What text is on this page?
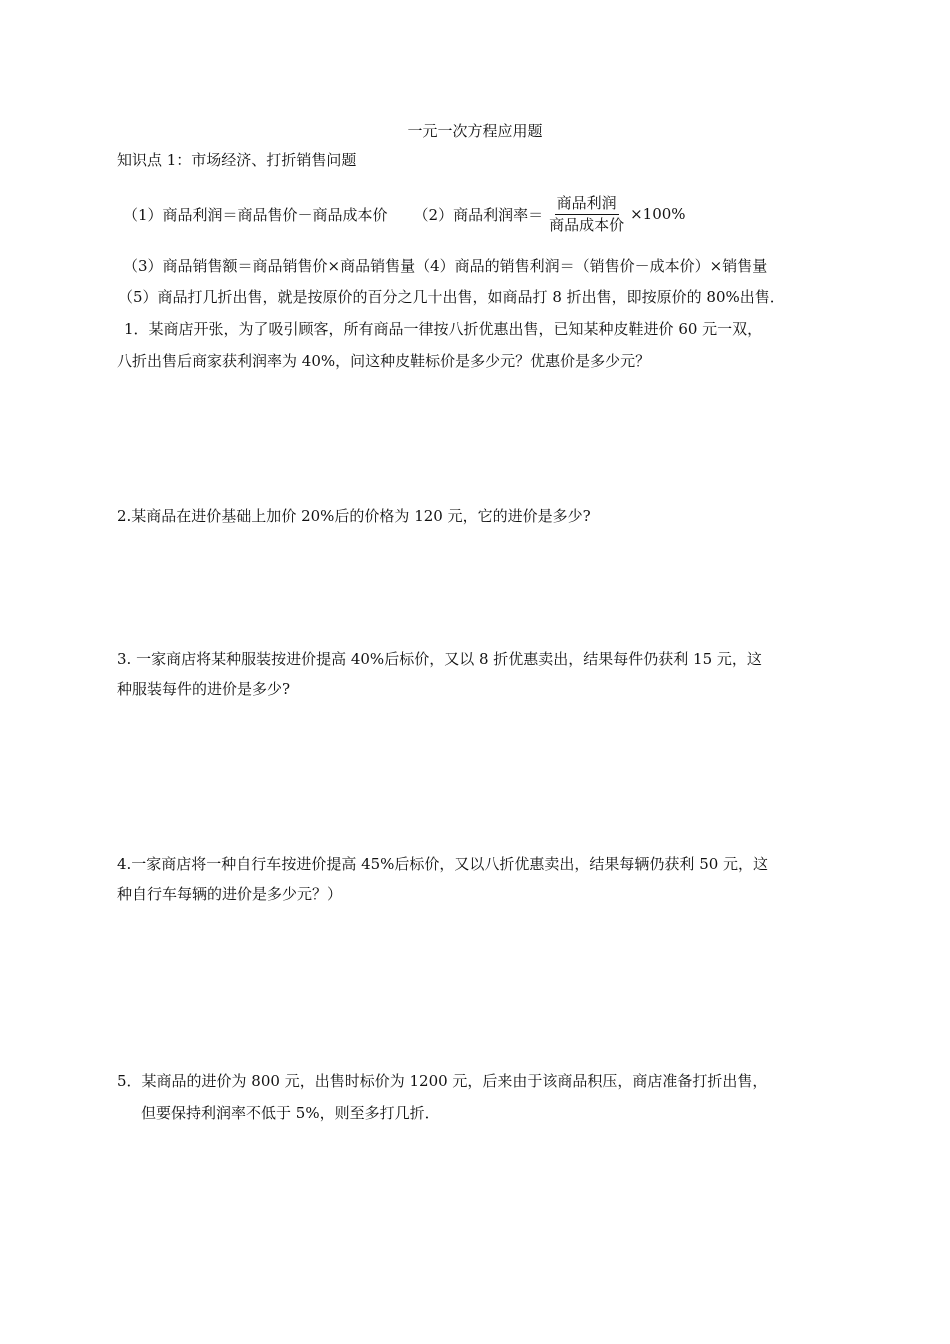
一元一次方程应用题
知识点 1：市场经济、打折销售问题
（1）商品利润＝商品售价－商品成本价 （2）商品利润率＝ $\frac{\text{商品利润}}{\text{商品成本价}} \times 100\%$
（3）商品销售额＝商品销售价×商品销售量（4）商品的销售利润＝（销售价－成本价）×销售量
（5）商品打几折出售，就是按原价的百分之几十出售，如商品打 8 折出售，即按原价的 80%出售．
1．某商店开张，为了吸引顾客，所有商品一律按八折优惠出售，已知某种皮鞋进价 60 元一双，
八折出售后商家获利润率为 40%，问这种皮鞋标价是多少元？优惠价是多少元？
2.某商品在进价基础上加价 20%后的价格为 120 元，它的进价是多少?
3. 一家商店将某种服装按进价提高 40%后标价，又以 8 折优惠卖出，结果每件仍获利 15 元，这
种服装每件的进价是多少?
4.一家商店将一种自行车按进价提高 45%后标价，又以八折优惠卖出，结果每辆仍获利 50 元，这
种自行车每辆的进价是多少元？）
5．某商品的进价为 800 元，出售时标价为 1200 元，后来由于该商品积压，商店准备打折出售，
但要保持利润率不低于 5%，则至多打几折．
